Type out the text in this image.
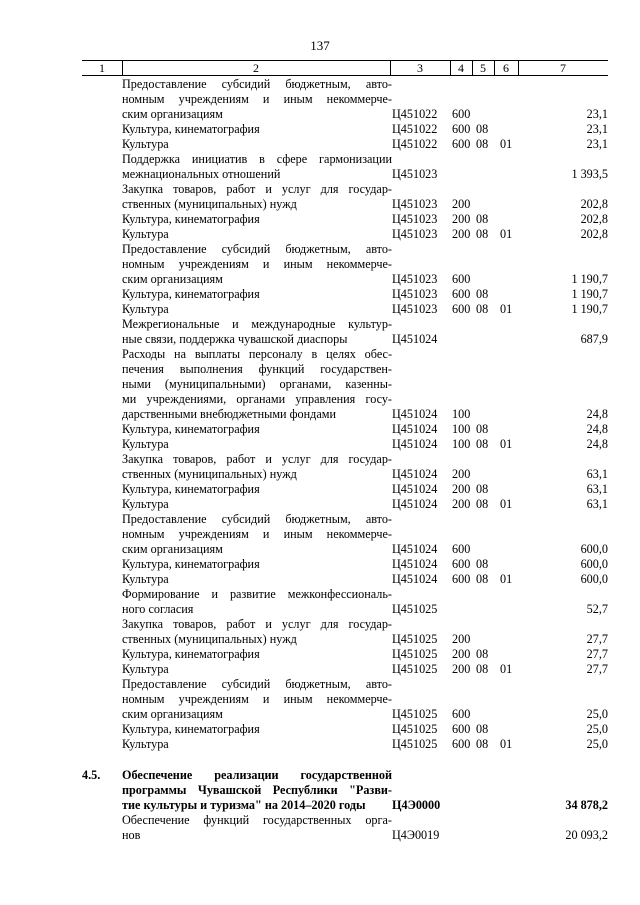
137
1	2	3	4	5	6	7
Предоставление субсидий бюджетным, авто-
номным учреждениям и иным некоммерче-
ским организациям	Ц451022 600	23,1
Культура, кинематография	Ц451022 600 08	23,1
Культура	Ц451022 600 08 01	23,1
Поддержка инициатив в сфере гармонизации
межнациональных отношений	Ц451023	1 393,5
Закупка товаров, работ и услуг для государ-
ственных (муниципальных) нужд	Ц451023 200	202,8
Культура, кинематография	Ц451023 200 08	202,8
Культура	Ц451023 200 08 01	202,8
Предоставление субсидий бюджетным, авто-
номным учреждениям и иным некоммерче-
ским организациям	Ц451023 600	1 190,7
Культура, кинематография	Ц451023 600 08	1 190,7
Культура	Ц451023 600 08 01	1 190,7
Межрегиональные и международные культур-
ные связи, поддержка чувашской диаспоры	Ц451024	687,9
Расходы на выплаты персоналу в целях обес-
печения выполнения функций государствен-
ными (муниципальными) органами, казенны-
ми учреждениями, органами управления госу-
дарственными внебюджетными фондами	Ц451024 100	24,8
Культура, кинематография	Ц451024 100 08	24,8
Культура	Ц451024 100 08 01	24,8
Закупка товаров, работ и услуг для государ-
ственных (муниципальных) нужд	Ц451024 200	63,1
Культура, кинематография	Ц451024 200 08	63,1
Культура	Ц451024 200 08 01	63,1
Предоставление субсидий бюджетным, авто-
номным учреждениям и иным некоммерче-
ским организациям	Ц451024 600	600,0
Культура, кинематография	Ц451024 600 08	600,0
Культура	Ц451024 600 08 01	600,0
Формирование и развитие межконфессиональ-
ного согласия	Ц451025	52,7
Закупка товаров, работ и услуг для государ-
ственных (муниципальных) нужд	Ц451025 200	27,7
Культура, кинематография	Ц451025 200 08	27,7
Культура	Ц451025 200 08 01	27,7
Предоставление субсидий бюджетным, авто-
номным учреждениям и иным некоммерче-
ским организациям	Ц451025 600	25,0
Культура, кинематография	Ц451025 600 08	25,0
Культура	Ц451025 600 08 01	25,0
4.5.	Обеспечение реализации государственной
программы Чувашской Республики "Разви-
тие культуры и туризма" на 2014–2020 годы	Ц4Э0000	34 878,2
Обеспечение функций государственных орга-
нов	Ц4Э0019	20 093,2
